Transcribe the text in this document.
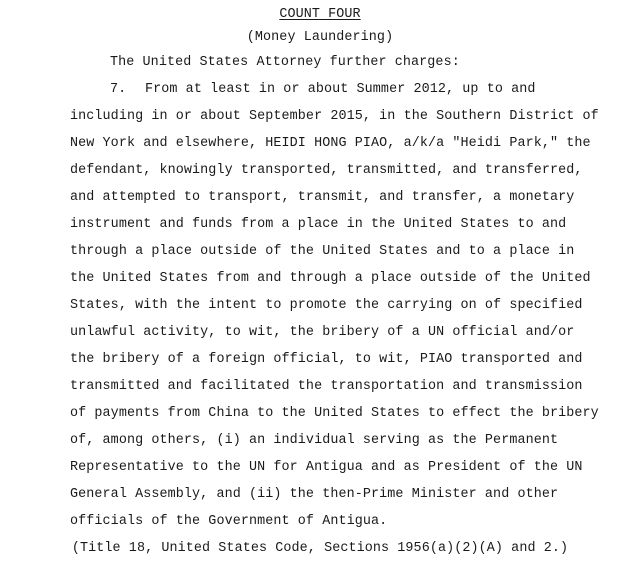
COUNT FOUR
(Money Laundering)
The United States Attorney further charges:
7. From at least in or about Summer 2012, up to and
including in or about September 2015, in the Southern District of
New York and elsewhere, HEIDI HONG PIAO, a/k/a "Heidi Park," the
defendant, knowingly transported, transmitted, and transferred,
and attempted to transport, transmit, and transfer, a monetary
instrument and funds from a place in the United States to and
through a place outside of the United States and to a place in
the United States from and through a place outside of the United
States, with the intent to promote the carrying on of specified
unlawful activity, to wit, the bribery of a UN official and/or
the bribery of a foreign official, to wit, PIAO transported and
transmitted and facilitated the transportation and transmission
of payments from China to the United States to effect the bribery
of, among others, (i) an individual serving as the Permanent
Representative to the UN for Antigua and as President of the UN
General Assembly, and (ii) the then-Prime Minister and other
officials of the Government of Antigua.
(Title 18, United States Code, Sections 1956(a)(2)(A) and 2.)
